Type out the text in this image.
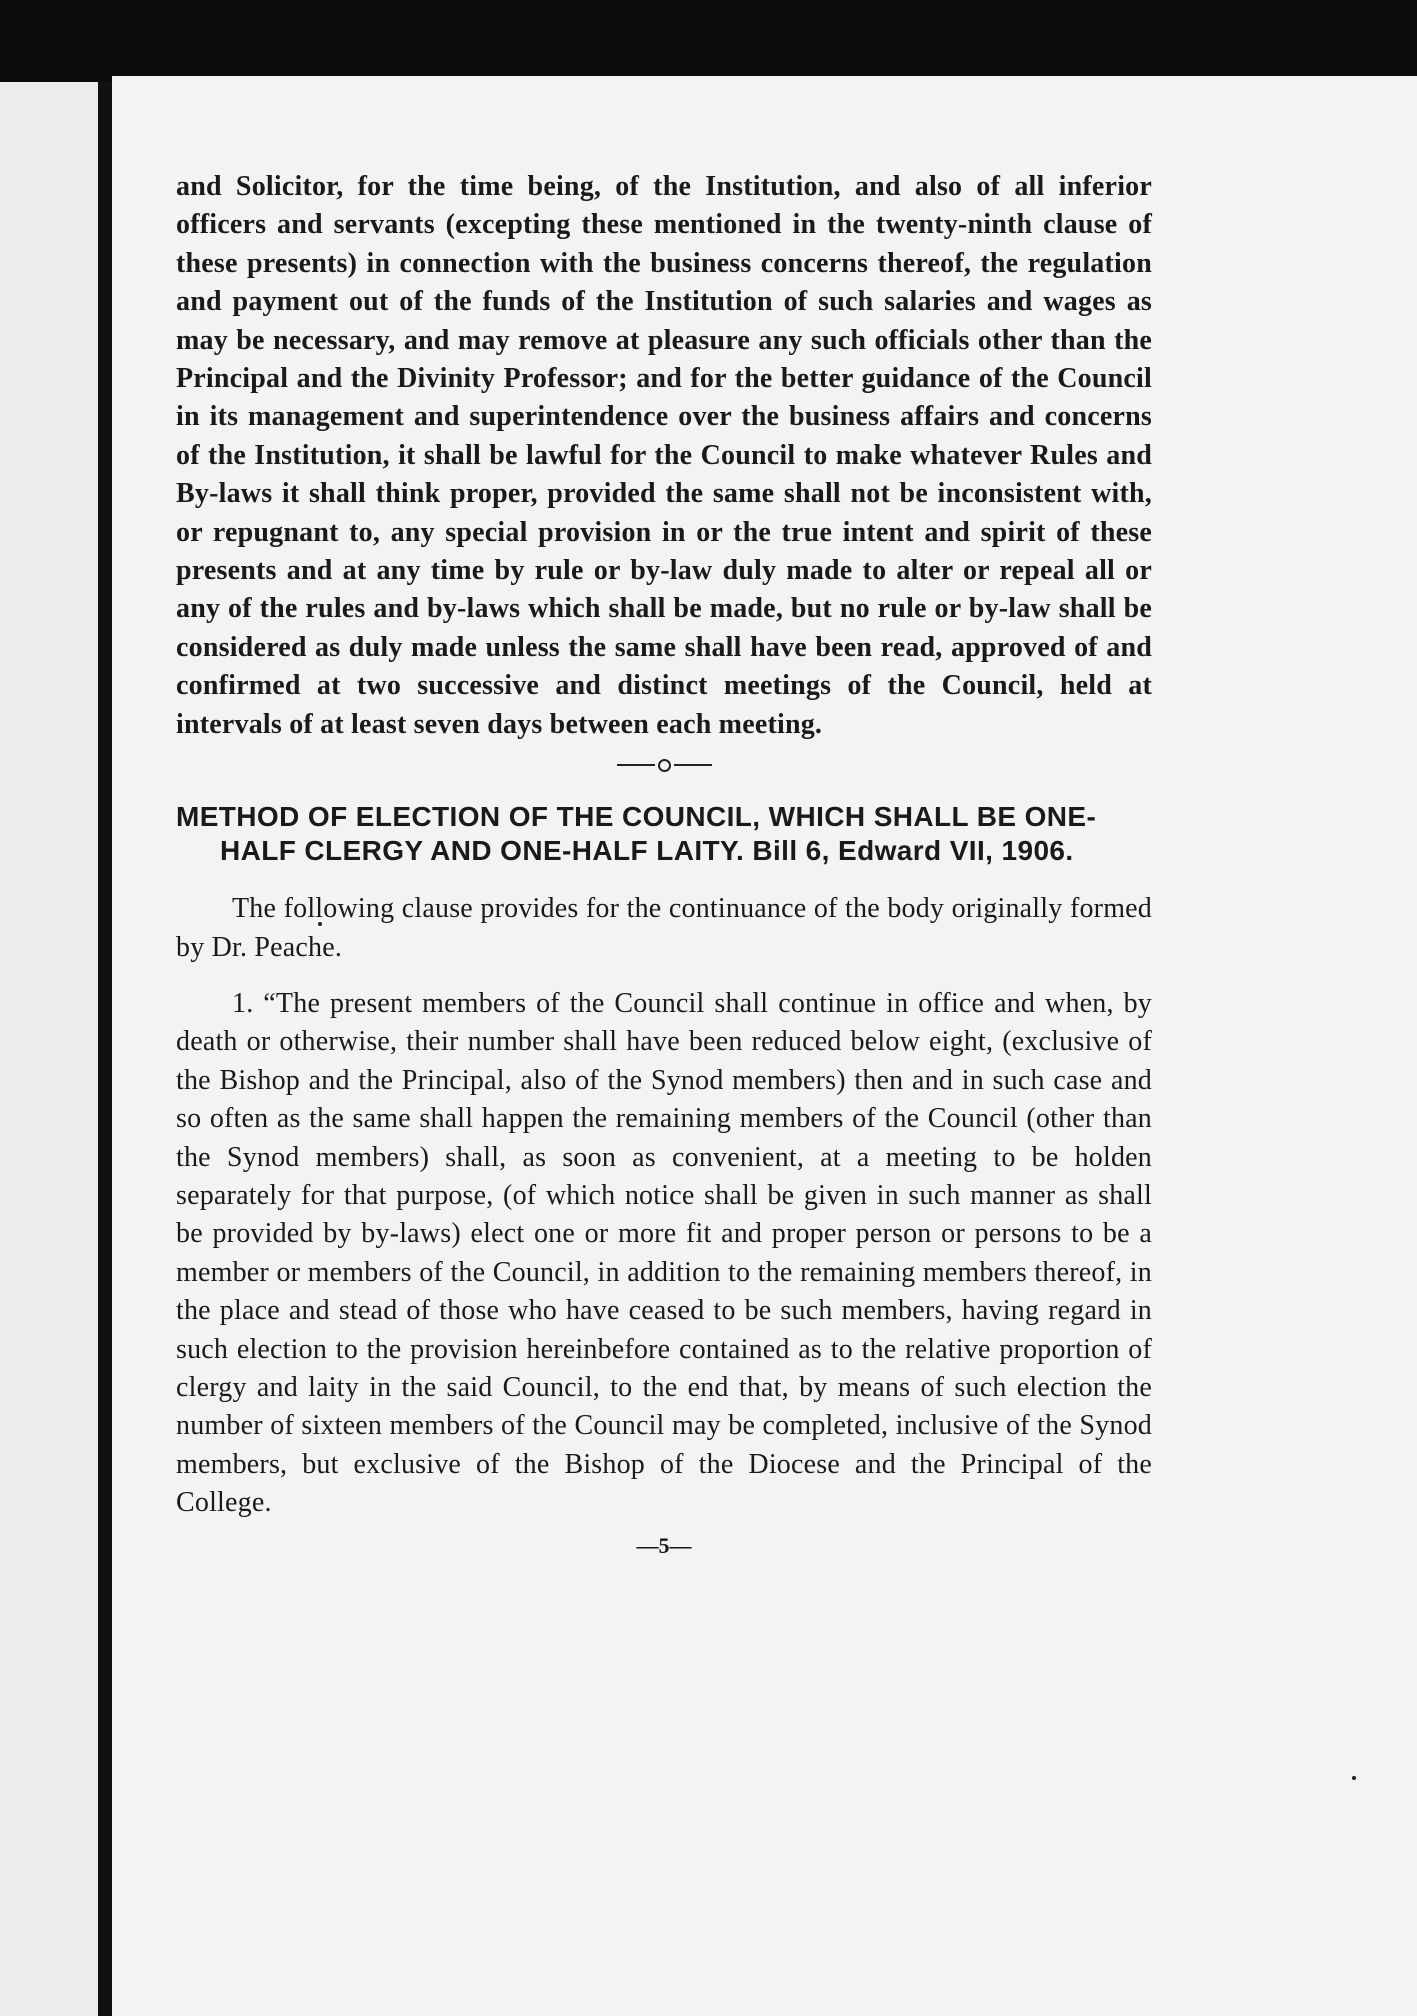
and Solicitor, for the time being, of the Institution, and also of all inferior officers and servants (excepting these mentioned in the twenty-ninth clause of these presents) in connection with the business concerns thereof, the regulation and payment out of the funds of the Institution of such salaries and wages as may be necessary, and may remove at pleasure any such officials other than the Principal and the Divinity Professor; and for the better guidance of the Council in its management and superintendence over the business affairs and concerns of the Institution, it shall be lawful for the Council to make whatever Rules and By-laws it shall think proper, provided the same shall not be inconsistent with, or repugnant to, any special provision in or the true intent and spirit of these presents and at any time by rule or by-law duly made to alter or repeal all or any of the rules and by-laws which shall be made, but no rule or by-law shall be considered as duly made unless the same shall have been read, approved of and confirmed at two successive and distinct meetings of the Council, held at intervals of at least seven days between each meeting.

METHOD OF ELECTION OF THE COUNCIL, WHICH SHALL BE ONE-HALF CLERGY AND ONE-HALF LAITY. Bill 6, Edward VII, 1906.

The following clause provides for the continuance of the body originally formed by Dr. Peache.

1. “The present members of the Council shall continue in office and when, by death or otherwise, their number shall have been reduced below eight, (exclusive of the Bishop and the Principal, also of the Synod members) then and in such case and so often as the same shall happen the remaining members of the Council (other than the Synod members) shall, as soon as convenient, at a meeting to be holden separately for that purpose, (of which notice shall be given in such manner as shall be provided by by-laws) elect one or more fit and proper person or persons to be a member or members of the Council, in addition to the remaining members thereof, in the place and stead of those who have ceased to be such members, having regard in such election to the provision hereinbefore contained as to the relative proportion of clergy and laity in the said Council, to the end that, by means of such election the number of sixteen members of the Council may be completed, inclusive of the Synod members, but exclusive of the Bishop of the Diocese and the Principal of the College.

—5—
